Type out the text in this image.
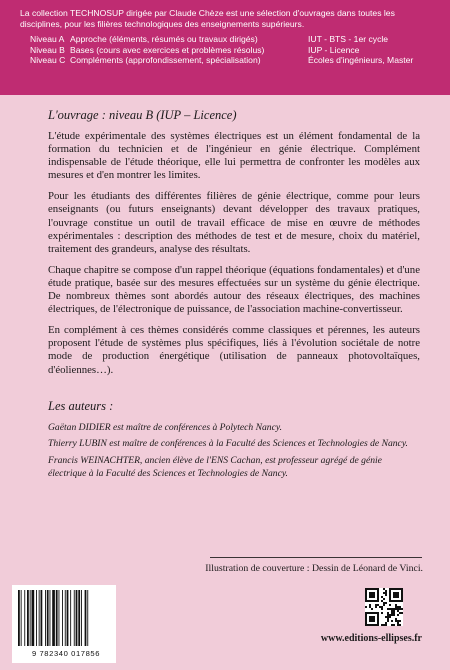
La collection TECHNOSUP dirigée par Claude Chèze est une sélection d'ouvrages dans toutes les disciplines, pour les filières technologiques des enseignements supérieurs.

Niveau A Approche (éléments, résumés ou travaux dirigés)	IUT - BTS - 1er cycle
Niveau B Bases (cours avec exercices et problèmes résolus)	IUP - Licence
Niveau C Compléments (approfondissement, spécialisation)	Écoles d'ingénieurs, Master

L'ouvrage : niveau B (IUP – Licence)

L'étude expérimentale des systèmes électriques est un élément fondamental de la formation du technicien et de l'ingénieur en génie électrique. Complément indispensable de l'étude théorique, elle lui permettra de confronter les modèles aux mesures et d'en montrer les limites.

Pour les étudiants des différentes filières de génie électrique, comme pour leurs enseignants (ou futurs enseignants) devant développer des travaux pratiques, l'ouvrage constitue un outil de travail efficace de mise en œuvre de méthodes expérimentales : description des méthodes de test et de mesure, choix du matériel, traitement des grandeurs, analyse des résultats.

Chaque chapitre se compose d'un rappel théorique (équations fondamentales) et d'une étude pratique, basée sur des mesures effectuées sur un système du génie électrique. De nombreux thèmes sont abordés autour des réseaux électriques, des machines électriques, de l'électronique de puissance, de l'association machine-convertisseur.

En complément à ces thèmes considérés comme classiques et pérennes, les auteurs proposent l'étude de systèmes plus spécifiques, liés à l'évolution sociétale de notre mode de production énergétique (utilisation de panneaux photovoltaïques, d'éoliennes…).

Les auteurs :

Gaëtan DIDIER est maître de conférences à Polytech Nancy.

Thierry LUBIN est maître de conférences à la Faculté des Sciences et Technologies de Nancy.

Francis WEINACHTER, ancien élève de l'ENS Cachan, est professeur agrégé de génie électrique à la Faculté des Sciences et Technologies de Nancy.

Illustration de couverture : Dessin de Léonard de Vinci.
9 782340 017856
www.editions-ellipses.fr
